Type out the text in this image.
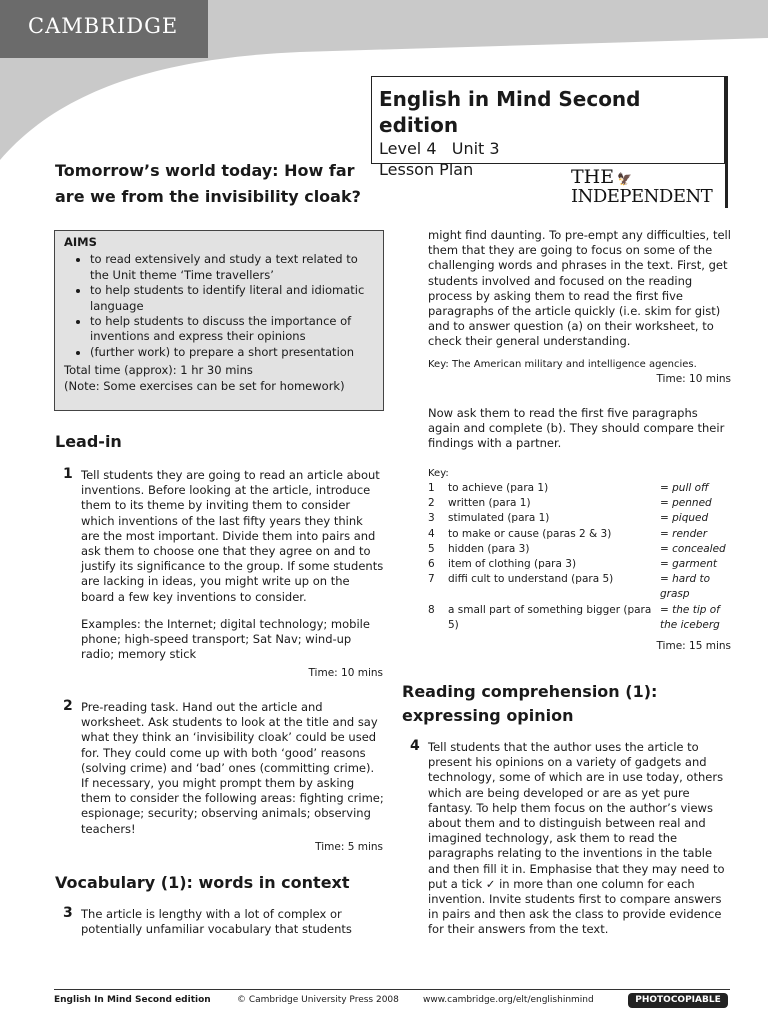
CAMBRIDGE
English in Mind Second edition
Level 4   Unit 3
Lesson Plan
Tomorrow’s world today: How far
are we from the invisibility cloak?
THE 🦅
INDEPENDENT
AIMS
• to read extensively and study a text related to the Unit theme ‘Time travellers’
• to help students to identify literal and idiomatic language
• to help students to discuss the importance of inventions and express their opinions
• (further work) to prepare a short presentation
Total time (approx): 1 hr 30 mins
(Note: Some exercises can be set for homework)
Lead-in
1 Tell students they are going to read an article about inventions. Before looking at the article, introduce them to its theme by inviting them to consider which inventions of the last fifty years they think are the most important. Divide them into pairs and ask them to choose one that they agree on and to justify its significance to the group. If some students are lacking in ideas, you might write up on the board a few key inventions to consider.
Examples: the Internet; digital technology; mobile phone; high-speed transport; Sat Nav; wind-up radio; memory stick
Time: 10 mins
2 Pre-reading task. Hand out the article and worksheet. Ask students to look at the title and say what they think an ‘invisibility cloak’ could be used for. They could come up with both ‘good’ reasons (solving crime) and ‘bad’ ones (committing crime). If necessary, you might prompt them by asking them to consider the following areas: fighting crime; espionage; security; observing animals; observing teachers!
Time: 5 mins
Vocabulary (1): words in context
3 The article is lengthy with a lot of complex or potentially unfamiliar vocabulary that students
might find daunting. To pre-empt any difficulties, tell them that they are going to focus on some of the challenging words and phrases in the text. First, get students involved and focused on the reading process by asking them to read the first five paragraphs of the article quickly (i.e. skim for gist) and to answer question (a) on their worksheet, to check their general understanding.
Key: The American military and intelligence agencies.
Time: 10 mins
Now ask them to read the first five paragraphs again and complete (b). They should compare their findings with a partner.
Key:
1	to achieve (para 1)	= pull off
2	written (para 1)	= penned
3	stimulated (para 1)	= piqued
4	to make or cause (paras 2 & 3)	= render
5	hidden (para 3)	= concealed
6	item of clothing (para 3)	= garment
7	diffi cult to understand (para 5)	= hard to grasp
8	a small part of something bigger (para 5)	= the tip of the iceberg
Time: 15 mins
Reading comprehension (1):
expressing opinion
4 Tell students that the author uses the article to present his opinions on a variety of gadgets and technology, some of which are in use today, others which are being developed or are as yet pure fantasy. To help them focus on the author’s views about them and to distinguish between real and imagined technology, ask them to read the paragraphs relating to the inventions in the table and then fill it in. Emphasise that they may need to put a tick ✓ in more than one column for each invention. Invite students first to compare answers in pairs and then ask the class to provide evidence for their answers from the text.
English In Mind Second edition	© Cambridge University Press 2008	www.cambridge.org/elt/englishinmind	PHOTOCOPIABLE
